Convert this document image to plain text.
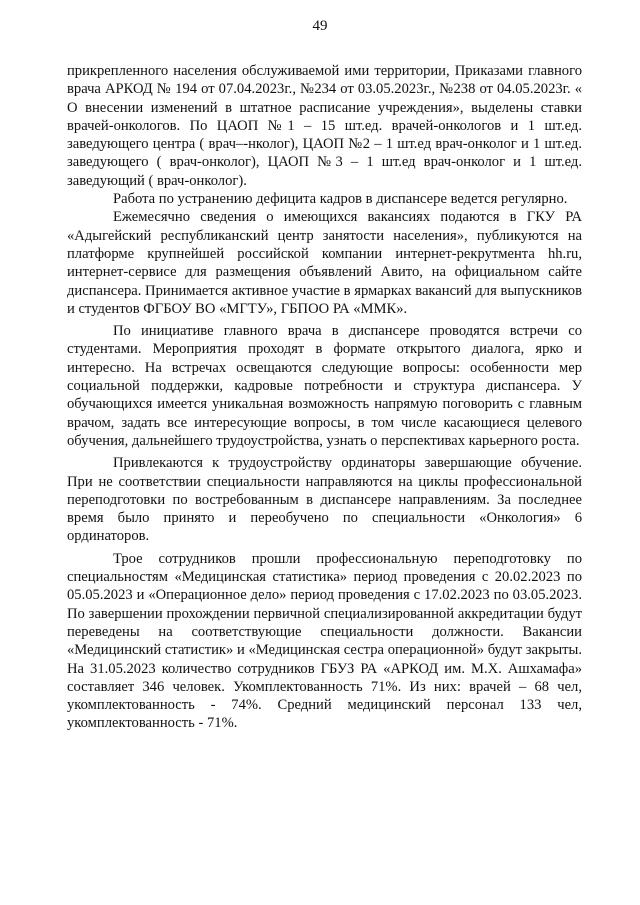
49

прикрепленного населения обслуживаемой ими территории, Приказами главного врача АРКОД № 194 от 07.04.2023г., №234 от 03.05.2023г., №238 от 04.05.2023г. « О внесении изменений в штатное расписание учреждения», выделены ставки врачей-онкологов. По ЦАОП №1 – 15 шт.ед. врачей-онкологов и 1 шт.ед. заведующего центра ( врач–-нколог), ЦАОП №2 – 1 шт.ед врач-онколог и 1 шт.ед. заведующего ( врач-онколог), ЦАОП №3 – 1 шт.ед врач-онколог и 1 шт.ед. заведующий ( врач-онколог).

Работа по устранению дефицита кадров в диспансере ведется регулярно.

Ежемесячно сведения о имеющихся вакансиях подаются в ГКУ РА «Адыгейский республиканский центр занятости населения», публикуются на платформе крупнейшей российской компании интернет-рекрутмента hh.ru, интернет-сервисе для размещения объявлений Авито, на официальном сайте диспансера. Принимается активное участие в ярмарках вакансий для выпускников и студентов ФГБОУ ВО «МГТУ», ГБПОО РА «ММК».

По инициативе главного врача в диспансере проводятся встречи со студентами. Мероприятия проходят в формате открытого диалога, ярко и интересно. На встречах освещаются следующие вопросы: особенности мер социальной поддержки, кадровые потребности и структура диспансера. У обучающихся имеется уникальная возможность напрямую поговорить с главным врачом, задать все интересующие вопросы, в том числе касающиеся целевого обучения, дальнейшего трудоустройства, узнать о перспективах карьерного роста.

Привлекаются к трудоустройству ординаторы завершающие обучение. При не соответствии специальности направляются на циклы профессиональной переподготовки по востребованным в диспансере направлениям. За последнее время было принято и переобучено по специальности «Онкология» 6 ординаторов.

Трое сотрудников прошли профессиональную переподготовку по специальностям «Медицинская статистика» период проведения с 20.02.2023 по 05.05.2023 и «Операционное дело» период проведения с 17.02.2023 по 03.05.2023. По завершении прохождении первичной специализированной аккредитации будут переведены на соответствующие специальности должности. Вакансии «Медицинский статистик» и «Медицинская сестра операционной» будут закрыты. На 31.05.2023 количество сотрудников ГБУЗ РА «АРКОД им. М.Х. Ашхамафа» составляет 346 человек. Укомплектованность 71%. Из них: врачей – 68 чел, укомплектованность - 74%. Средний медицинский персонал 133 чел, укомплектованность - 71%.
